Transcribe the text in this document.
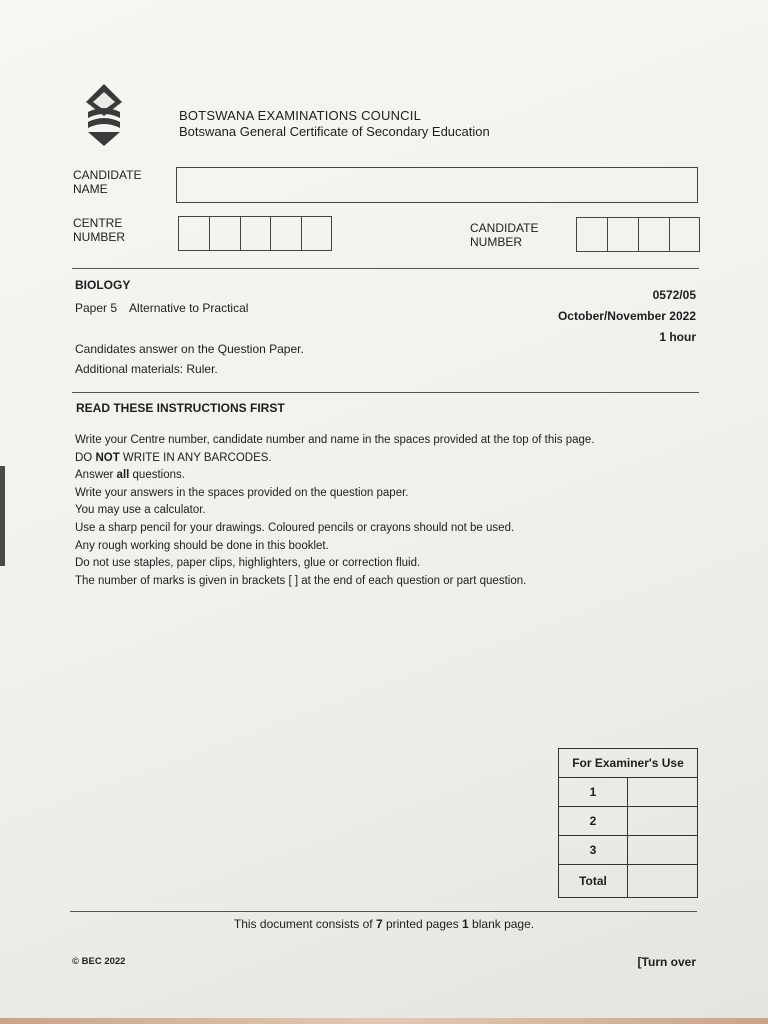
BOTSWANA EXAMINATIONS COUNCIL
Botswana General Certificate of Secondary Education
CANDIDATE
NAME
CENTRE
NUMBER
CANDIDATE
NUMBER
BIOLOGY
Paper 5 Alternative to Practical
0572/05
October/November 2022
1 hour
Candidates answer on the Question Paper.
Additional materials: Ruler.
READ THESE INSTRUCTIONS FIRST
Write your Centre number, candidate number and name in the spaces provided at the top of this page.
DO NOT WRITE IN ANY BARCODES.
Answer all questions.
Write your answers in the spaces provided on the question paper.
You may use a calculator.
Use a sharp pencil for your drawings. Coloured pencils or crayons should not be used.
Any rough working should be done in this booklet.
Do not use staples, paper clips, highlighters, glue or correction fluid.
The number of marks is given in brackets [ ] at the end of each question or part question.
For Examiner's Use	
1	
2	
3	
Total	
This document consists of 7 printed pages 1 blank page.
© BEC 2022	[Turn over
